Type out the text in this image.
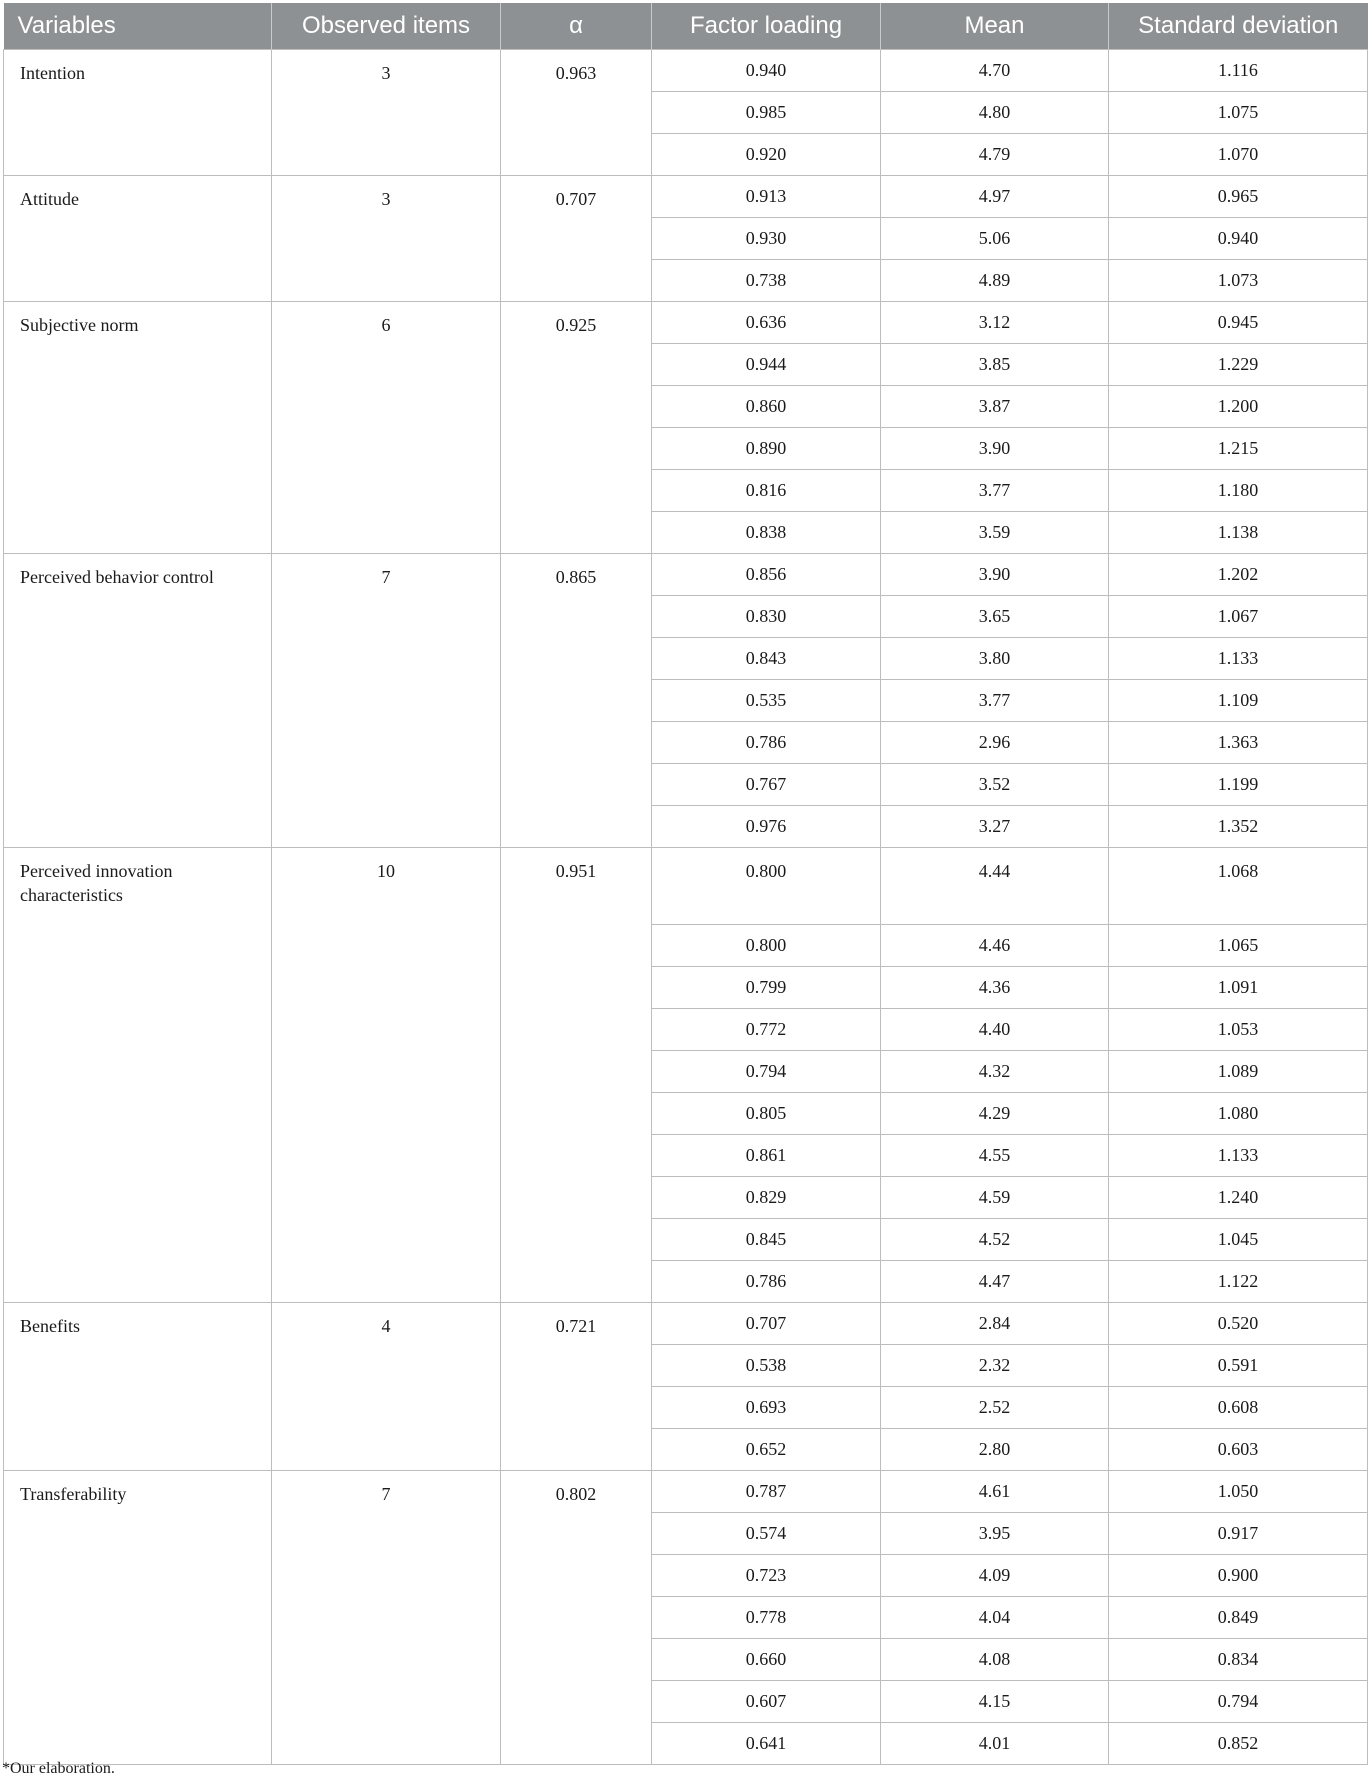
Variables	Observed items	α	Factor loading	Mean	Standard deviation
Intention	3	0.963	0.940	4.70	1.116
			0.985	4.80	1.075
			0.920	4.79	1.070
Attitude	3	0.707	0.913	4.97	0.965
			0.930	5.06	0.940
			0.738	4.89	1.073
Subjective norm	6	0.925	0.636	3.12	0.945
			0.944	3.85	1.229
			0.860	3.87	1.200
			0.890	3.90	1.215
			0.816	3.77	1.180
			0.838	3.59	1.138
Perceived behavior control	7	0.865	0.856	3.90	1.202
			0.830	3.65	1.067
			0.843	3.80	1.133
			0.535	3.77	1.109
			0.786	2.96	1.363
			0.767	3.52	1.199
			0.976	3.27	1.352
Perceived innovation characteristics	10	0.951	0.800	4.44	1.068
			0.800	4.46	1.065
			0.799	4.36	1.091
			0.772	4.40	1.053
			0.794	4.32	1.089
			0.805	4.29	1.080
			0.861	4.55	1.133
			0.829	4.59	1.240
			0.845	4.52	1.045
			0.786	4.47	1.122
Benefits	4	0.721	0.707	2.84	0.520
			0.538	2.32	0.591
			0.693	2.52	0.608
			0.652	2.80	0.603
Transferability	7	0.802	0.787	4.61	1.050
			0.574	3.95	0.917
			0.723	4.09	0.900
			0.778	4.04	0.849
			0.660	4.08	0.834
			0.607	4.15	0.794
			0.641	4.01	0.852
*Our elaboration.
